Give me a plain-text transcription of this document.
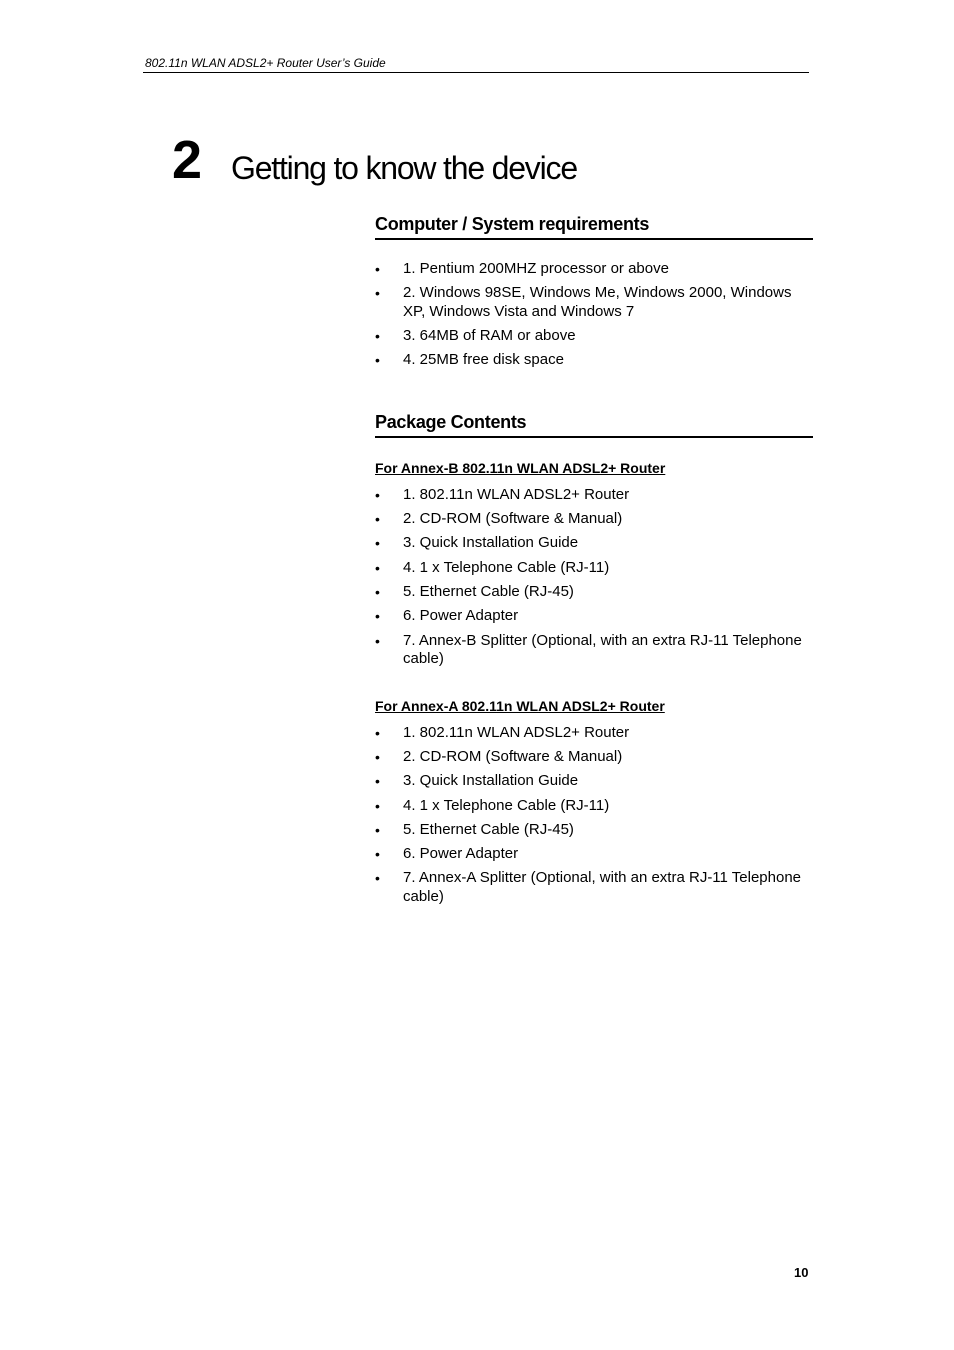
802.11n WLAN ADSL2+ Router User’s Guide
2 Getting to know the device
Computer / System requirements
• 1. Pentium 200MHZ processor or above
• 2. Windows 98SE, Windows Me, Windows 2000, Windows XP, Windows Vista and Windows 7
• 3. 64MB of RAM or above
• 4. 25MB free disk space
Package Contents
For Annex-B 802.11n WLAN ADSL2+ Router
• 1. 802.11n WLAN ADSL2+ Router
• 2. CD-ROM (Software & Manual)
• 3. Quick Installation Guide
• 4. 1 x Telephone Cable (RJ-11)
• 5. Ethernet Cable (RJ-45)
• 6. Power Adapter
• 7. Annex-B Splitter (Optional, with an extra RJ-11 Telephone cable)
For Annex-A 802.11n WLAN ADSL2+ Router
• 1. 802.11n WLAN ADSL2+ Router
• 2. CD-ROM (Software & Manual)
• 3. Quick Installation Guide
• 4. 1 x Telephone Cable (RJ-11)
• 5. Ethernet Cable (RJ-45)
• 6. Power Adapter
• 7. Annex-A Splitter (Optional, with an extra RJ-11 Telephone cable)
10
